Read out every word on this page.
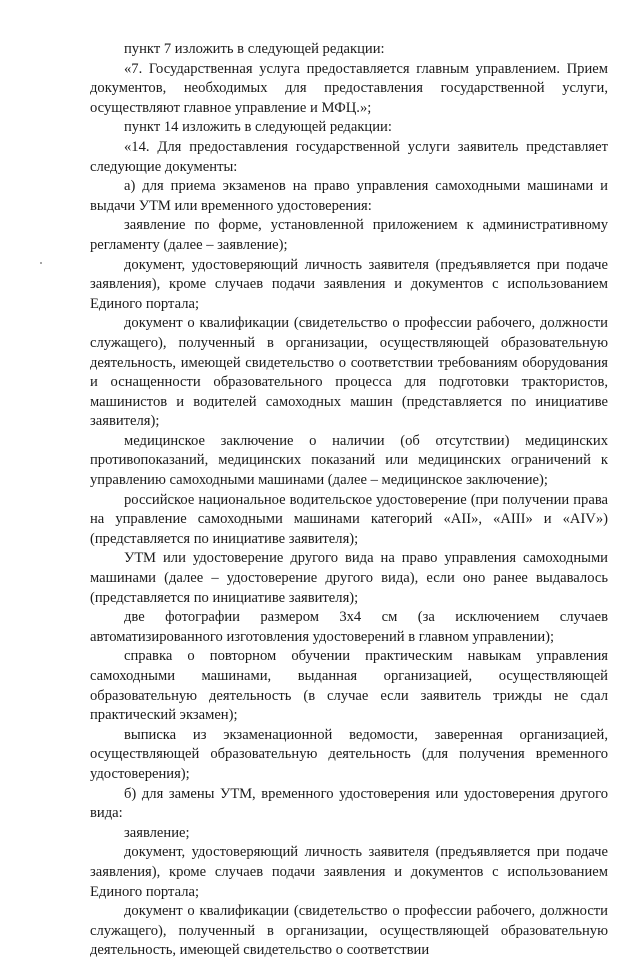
пункт 7 изложить в следующей редакции:

«7. Государственная услуга предоставляется главным управлением. Прием документов, необходимых для предоставления государственной услуги, осуществляют главное управление и МФЦ.»;

пункт 14 изложить в следующей редакции:

«14. Для предоставления государственной услуги заявитель представляет следующие документы:

а) для приема экзаменов на право управления самоходными машинами и выдачи УТМ или временного удостоверения:

заявление по форме, установленной приложением к административному регламенту (далее – заявление);

документ, удостоверяющий личность заявителя (предъявляется при подаче заявления), кроме случаев подачи заявления и документов с использованием Единого портала;

документ о квалификации (свидетельство о профессии рабочего, должности служащего), полученный в организации, осуществляющей образовательную деятельность, имеющей свидетельство о соответствии требованиям оборудования и оснащенности образовательного процесса для подготовки трактористов, машинистов и водителей самоходных машин (представляется по инициативе заявителя);

медицинское заключение о наличии (об отсутствии) медицинских противопоказаний, медицинских показаний или медицинских ограничений к управлению самоходными машинами (далее – медицинское заключение);

российское национальное водительское удостоверение (при получении права на управление самоходными машинами категорий «AII», «AIII» и «AIV») (представляется по инициативе заявителя);

УТМ или удостоверение другого вида на право управления самоходными машинами (далее – удостоверение другого вида), если оно ранее выдавалось (представляется по инициативе заявителя);

две фотографии размером 3х4 см (за исключением случаев автоматизированного изготовления удостоверений в главном управлении);

справка о повторном обучении практическим навыкам управления самоходными машинами, выданная организацией, осуществляющей образовательную деятельность (в случае если заявитель трижды не сдал практический экзамен);

выписка из экзаменационной ведомости, заверенная организацией, осуществляющей образовательную деятельность (для получения временного удостоверения);

б) для замены УТМ, временного удостоверения или удостоверения другого вида:

заявление;

документ, удостоверяющий личность заявителя (предъявляется при подаче заявления), кроме случаев подачи заявления и документов с использованием Единого портала;

документ о квалификации (свидетельство о профессии рабочего, должности служащего), полученный в организации, осуществляющей образовательную деятельность, имеющей свидетельство о соответствии
